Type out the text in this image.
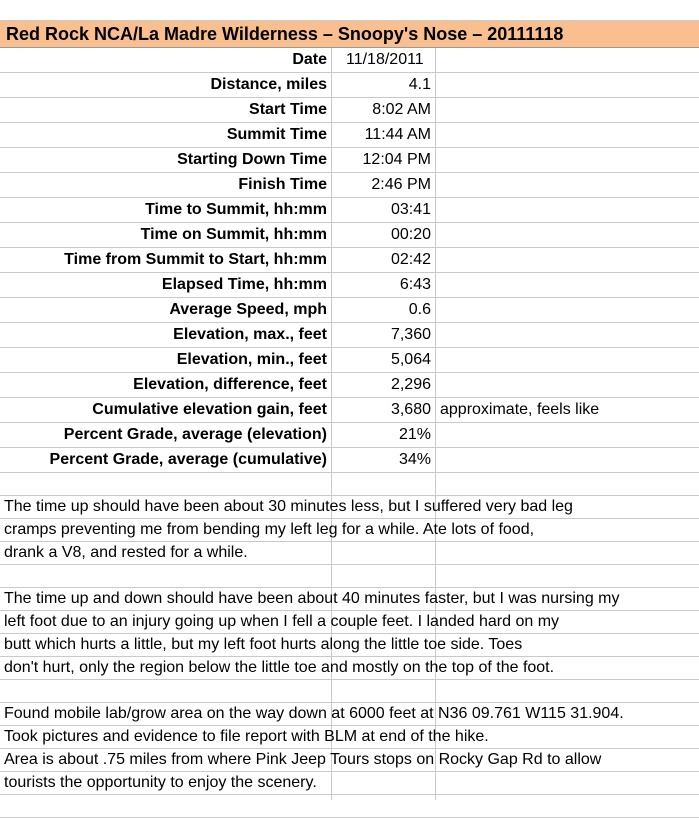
Red Rock NCA/La Madre Wilderness – Snoopy's Nose – 20111118
Date	11/18/2011
Distance, miles	4.1
Start Time	8:02 AM
Summit Time	11:44 AM
Starting Down Time	12:04 PM
Finish Time	2:46 PM
Time to Summit, hh:mm	03:41
Time on Summit, hh:mm	00:20
Time from Summit to Start, hh:mm	02:42
Elapsed Time, hh:mm	6:43
Average Speed, mph	0.6
Elevation, max., feet	7,360
Elevation, min., feet	5,064
Elevation, difference, feet	2,296
Cumulative elevation gain, feet	3,680 approximate, feels like
Percent Grade, average (elevation)	21%
Percent Grade, average (cumulative)	34%
The time up should have been about 30 minutes less, but I suffered very bad leg
cramps preventing me from bending my left leg for a while. Ate lots of food,
drank a V8, and rested for a while.
The time up and down should have been about 40 minutes faster, but I was nursing my
left foot due to an injury going up when I fell a couple feet. I landed hard on my
butt which hurts a little, but my left foot hurts along the little toe side. Toes
don't hurt, only the region below the little toe and mostly on the top of the foot.
Found mobile lab/grow area on the way down at 6000 feet at N36 09.761 W115 31.904.
Took pictures and evidence to file report with BLM at end of the hike.
Area is about .75 miles from where Pink Jeep Tours stops on Rocky Gap Rd to allow
tourists the opportunity to enjoy the scenery.
